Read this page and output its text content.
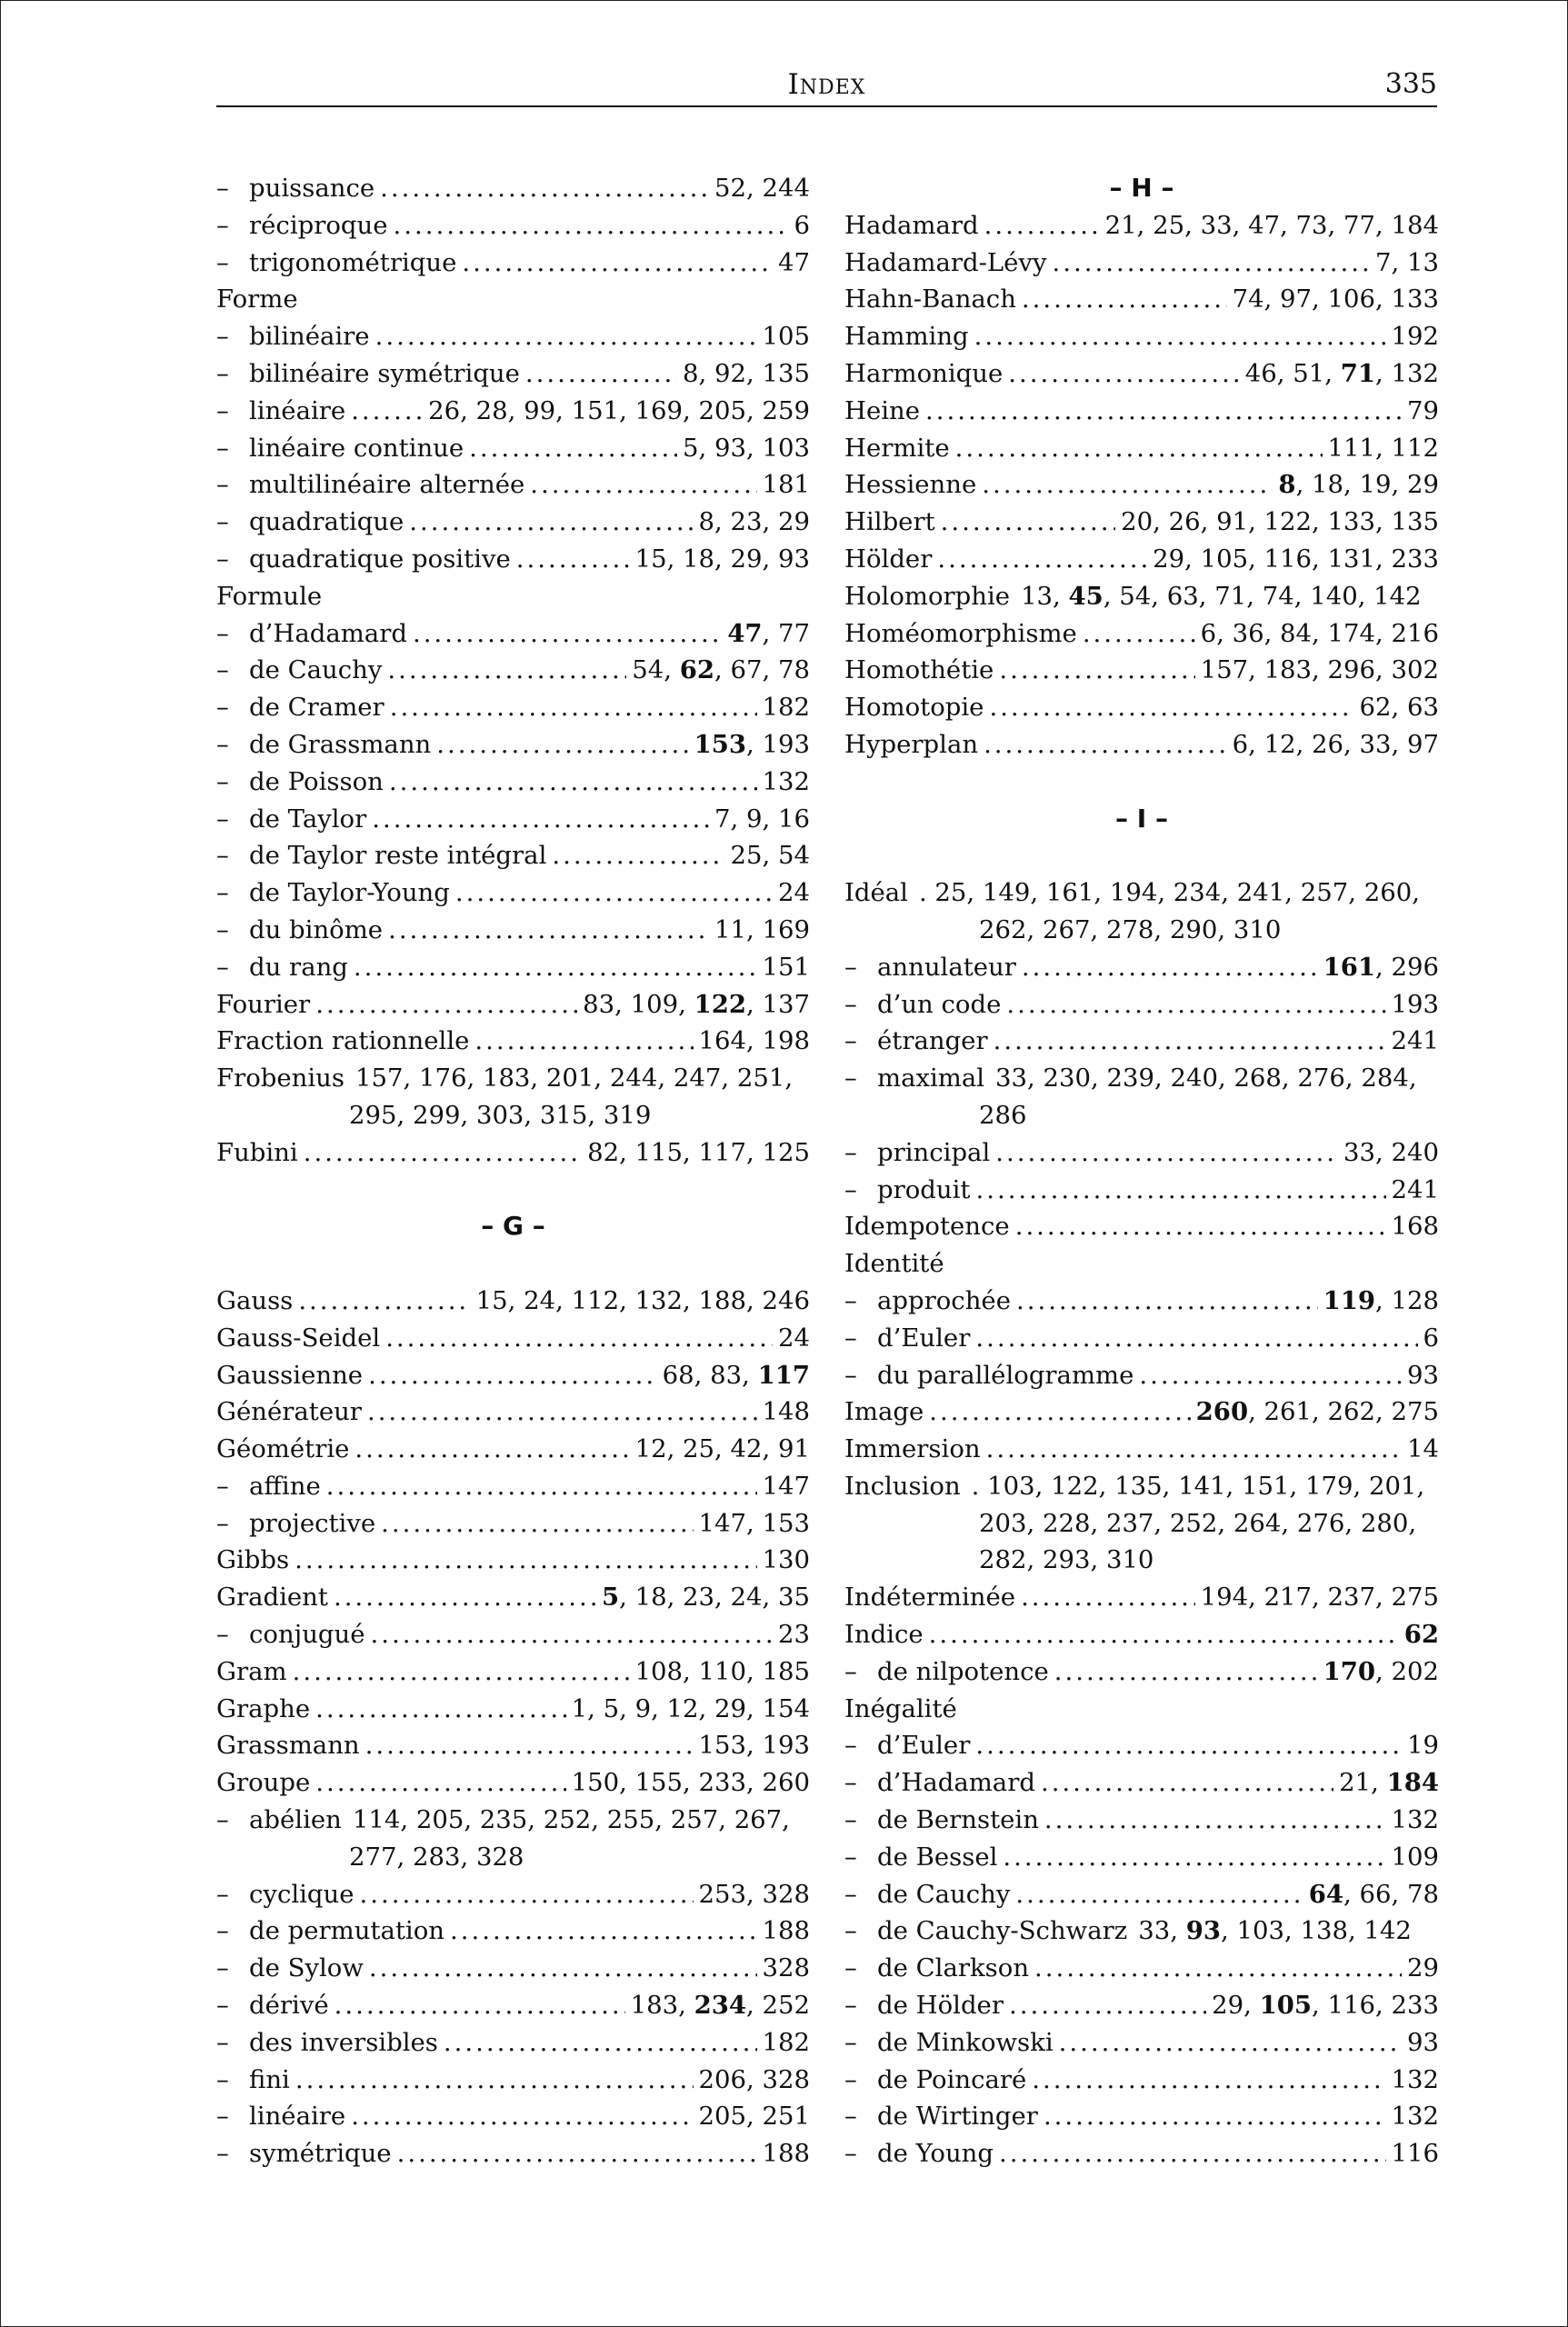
Index	335
– puissance .....	52, 244
– réciproque .....	6
– trigonométrique .....	47
Forme
– bilinéaire .....	105
– bilinéaire symétrique .....	8, 92, 135
– linéaire .....	26, 28, 99, 151, 169, 205, 259
– linéaire continue .....	5, 93, 103
– multilinéaire alternée .....	181
– quadratique .....	8, 23, 29
– quadratique positive .....	15, 18, 29, 93
Formule
– d’Hadamard .....	47, 77
– de Cauchy .....	54, 62, 67, 78
– de Cramer .....	182
– de Grassmann .....	153, 193
– de Poisson .....	132
– de Taylor .....	7, 9, 16
– de Taylor reste intégral .....	25, 54
– de Taylor-Young .....	24
– du binôme .....	11, 169
– du rang .....	151
Fourier .....	83, 109, 122, 137
Fraction rationnelle .....	164, 198
Frobenius 157, 176, 183, 201, 244, 247, 251,
295, 299, 303, 315, 319
Fubini .....	82, 115, 117, 125
– G –
Gauss .....	15, 24, 112, 132, 188, 246
Gauss-Seidel .....	24
Gaussienne .....	68, 83, 117
Générateur .....	148
Géométrie .....	12, 25, 42, 91
– affine .....	147
– projective .....	147, 153
Gibbs .....	130
Gradient .....	5, 18, 23, 24, 35
– conjugué .....	23
Gram .....	108, 110, 185
Graphe .....	1, 5, 9, 12, 29, 154
Grassmann .....	153, 193
Groupe .....	150, 155, 233, 260
– abélien 114, 205, 235, 252, 255, 257, 267,
277, 283, 328
– cyclique .....	253, 328
– de permutation .....	188
– de Sylow .....	328
– dérivé .....	183, 234, 252
– des inversibles .....	182
– fini .....	206, 328
– linéaire .....	205, 251
– symétrique .....	188
– H –
Hadamard .....	21, 25, 33, 47, 73, 77, 184
Hadamard-Lévy .....	7, 13
Hahn-Banach .....	74, 97, 106, 133
Hamming .....	192
Harmonique .....	46, 51, 71, 132
Heine .....	79
Hermite .....	111, 112
Hessienne .....	8, 18, 19, 29
Hilbert .....	20, 26, 91, 122, 133, 135
Hölder .....	29, 105, 116, 131, 233
Holomorphie 13, 45, 54, 63, 71, 74, 140, 142
Homéomorphisme .....	6, 36, 84, 174, 216
Homothétie .....	157, 183, 296, 302
Homotopie .....	62, 63
Hyperplan .....	6, 12, 26, 33, 97
– I –
Idéal . 25, 149, 161, 194, 234, 241, 257, 260,
262, 267, 278, 290, 310
– annulateur .....	161, 296
– d’un code .....	193
– étranger .....	241
– maximal 33, 230, 239, 240, 268, 276, 284,
286
– principal .....	33, 240
– produit .....	241
Idempotence .....	168
Identité
– approchée .....	119, 128
– d’Euler .....	6
– du parallélogramme .....	93
Image .....	260, 261, 262, 275
Immersion .....	14
Inclusion . 103, 122, 135, 141, 151, 179, 201,
203, 228, 237, 252, 264, 276, 280,
282, 293, 310
Indéterminée .....	194, 217, 237, 275
Indice .....	62
– de nilpotence .....	170, 202
Inégalité
– d’Euler .....	19
– d’Hadamard .....	21, 184
– de Bernstein .....	132
– de Bessel .....	109
– de Cauchy .....	64, 66, 78
– de Cauchy-Schwarz 33, 93, 103, 138, 142
– de Clarkson .....	29
– de Hölder .....	29, 105, 116, 233
– de Minkowski .....	93
– de Poincaré .....	132
– de Wirtinger .....	132
– de Young .....	116
